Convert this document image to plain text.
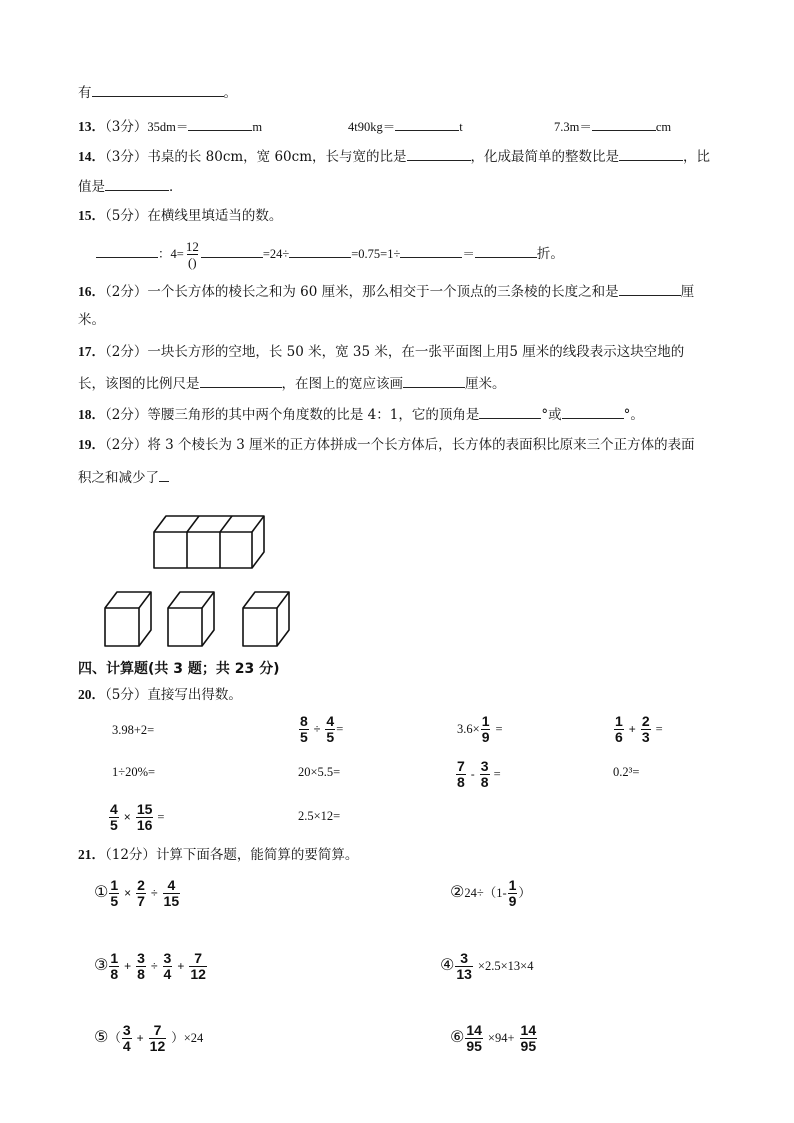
有	。
13．（3分）35dm＝	m	4t90kg＝	t	7.3m＝	cm
14．（3分）书桌的长 80cm，宽 60cm，长与宽的比是	，化成最简单的整数比是	，比
值是	．
15．（5分）在横线里填适当的数。
：$4= \frac{12}{()}$	=24÷	=0.75=1÷	＝	折。
16．（2分）一个长方体的棱长之和为 60 厘米，那么相交于一个顶点的三条棱的长度之和是	厘
米。
17．（2分）一块长方形的空地，长 50 米，宽 35 米，在一张平面图上用5 厘米的线段表示这块空地的
长，该图的比例尺是	，在图上的宽应该画	厘米。
18．（2分）等腰三角形的其中两个角度数的比是 4：1，它的顶角是	°或	°。
19．（2分）将 3 个棱长为 3 厘米的正方体拼成一个长方体后，长方体的表面积比原来三个正方体的表面
积之和减少了
四、计算题(共 3 题；共 23 分)
20．（5分）直接写出得数。
3.98+2=	$\frac{8}{5} \div \frac{4}{5}$ =	$3.6\times \frac{1}{9}$ =	$\frac{1}{6} + \frac{2}{3}$ =
1÷20%=	20×5.5=	$\frac{7}{8} - \frac{3}{8}$ =	0.2³=
$\frac{4}{5} \times \frac{15}{16}$ =	2.5×12=
21．（12分）计算下面各题，能简算的要简算。
① $\frac{1}{5} \times \frac{2}{7} \div \frac{4}{15}$	②24÷（1- $\frac{1}{9}$ ）
③ $\frac{1}{8} + \frac{3}{8} \div \frac{3}{4} + \frac{7}{12}$	④ $\frac{3}{13} \times 2.5\times 13\times 4$
⑤（ $\frac{3}{4} + \frac{7}{12} )\times 24$	⑥ $\frac{14}{95} \times 94+ \frac{14}{95}$
